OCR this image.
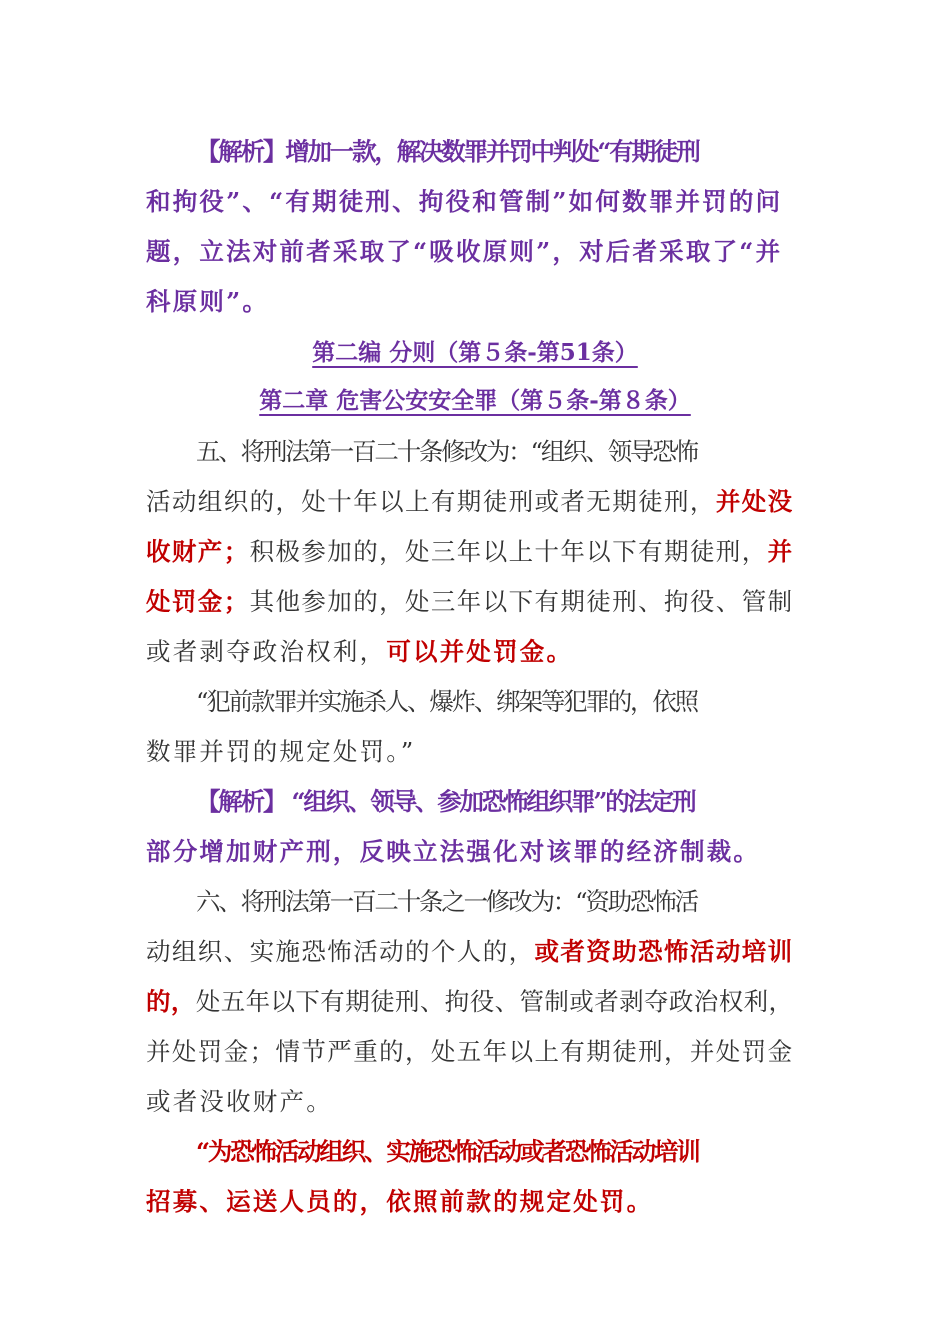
【解析】增加一款，解决数罪并罚中判处“有期徒刑
和拘役”、“有期徒刑、拘役和管制”如何数罪并罚的问
题，立法对前者采取了“吸收原则”，对后者采取了“并
科原则”。
第二编 分则（第５条-第51条）
第二章 危害公安安全罪（第５条-第８条）
五、将刑法第一百二十条修改为：“组织、领导恐怖
活动组织的，处十年以上有期徒刑或者无期徒刑，并处没
收财产；积极参加的，处三年以上十年以下有期徒刑，并
处罚金；其他参加的，处三年以下有期徒刑、拘役、管制
或者剥夺政治权利，可以并处罚金。
“犯前款罪并实施杀人、爆炸、绑架等犯罪的，依照
数罪并罚的规定处罚。”
【解析】 “组织、领导、参加恐怖组织罪”的法定刑
部分增加财产刑，反映立法强化对该罪的经济制裁。
六、将刑法第一百二十条之一修改为：“资助恐怖活
动组织、实施恐怖活动的个人的，或者资助恐怖活动培训
的，处五年以下有期徒刑、拘役、管制或者剥夺政治权利，
并处罚金；情节严重的，处五年以上有期徒刑，并处罚金
或者没收财产。
“为恐怖活动组织、实施恐怖活动或者恐怖活动培训
招募、运送人员的，依照前款的规定处罚。
